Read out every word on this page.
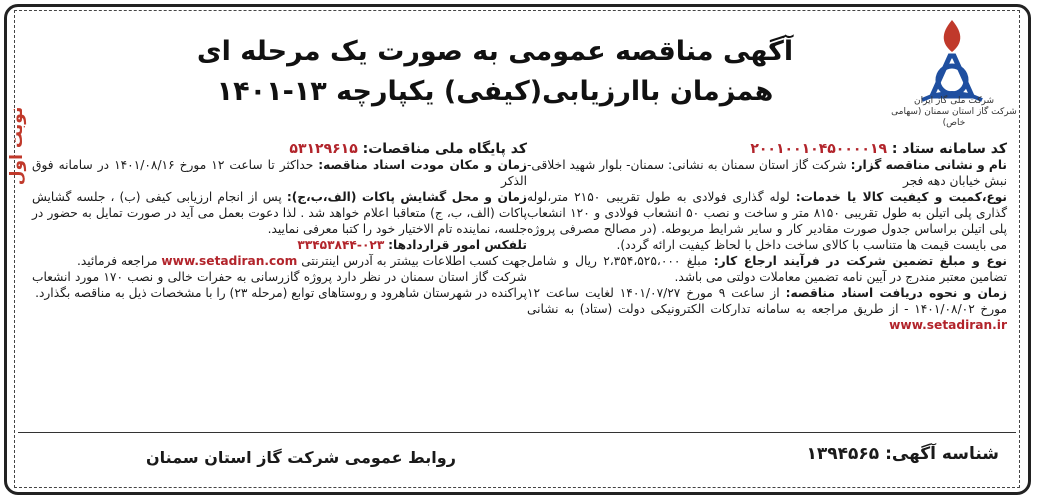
شرکت ملی گاز ایران
شرکت گاز استان سمنان (سهامی خاص)
نوبت اول
آگهی مناقصه عمومی به صورت یک مرحله ای
همزمان باارزیابی(کیفی) یکپارچه ۱۳-۱۴۰۱

کد سامانه ستاد : ۲۰۰۱۰۰۱۰۴۵۰۰۰۰۱۹

نام و نشانی مناقصه گزار: شرکت گاز استان سمنان به نشانی: سمنان- بلوار شهید اخلاقی- نبش خیابان دهه فجر

نوع،کمیت و کیفیت کالا یا خدمات: لوله گذاری فولادی به طول تقریبی ۲۱۵۰ متر،لوله گذاری پلی اتیلن به طول تقریبی ۸۱۵۰ متر و ساخت و نصب ۵۰ انشعاب فولادی و ۱۲۰ انشعاب پلی اتیلن براساس جدول صورت مقادیر کار و سایر شرایط مربوطه. (در مصالح مصرفی پروژه می بایست قیمت ها متناسب با کالای ساخت داخل با لحاظ کیفیت ارائه گردد).

نوع و مبلغ تضمین شرکت در فرآیند ارجاع کار: مبلغ ۲،۳۵۴،۵۲۵،۰۰۰ ریال و شامل تضامین معتبر مندرج در آیین نامه تضمین معاملات دولتی می باشد.

زمان و نحوه دریافت اسناد مناقصه: از ساعت ۹ مورخ ۱۴۰۱/۰۷/۲۷ لغایت ساعت ۱۲ مورخ ۱۴۰۱/۰۸/۰۲ - از طریق مراجعه به سامانه تدارکات الکترونیکی دولت (ستاد) به نشانی www.setadiran.ir

کد پایگاه ملی مناقصات: ۵۳۱۲۹۶۱۵

زمان و مکان مودت اسناد مناقصه: حداکثر تا ساعت ۱۲ مورخ ۱۴۰۱/۰۸/۱۶ در سامانه فوق الذکر

زمان و محل گشایش پاکات (الف،ب،ج): پس از انجام ارزیابی کیفی (ب) ، جلسه گشایش پاکات (الف، ب، ج) متعاقبا اعلام خواهد شد . لذا دعوت بعمل می آید در صورت تمایل به حضور در جلسه، نماینده تام الاختیار خود را کتبا معرفی نمایید.

تلفکس امور قراردادها: ۰۲۳-۳۳۴۵۳۸۴۴

جهت کسب اطلاعات بیشتر به آدرس اینترنتی www.setadiran.com مراجعه فرمائید.

شرکت گاز استان سمنان در نظر دارد پروژه گازرسانی به حفرات خالی و نصب ۱۷۰ مورد انشعاب پراکنده در شهرستان شاهرود و روستاهای توابع (مرحله ۲۳) را با مشخصات ذیل به مناقصه بگذارد.

شناسه آگهی: ۱۳۹۴۵۶۵
روابط عمومی شرکت گاز استان سمنان
